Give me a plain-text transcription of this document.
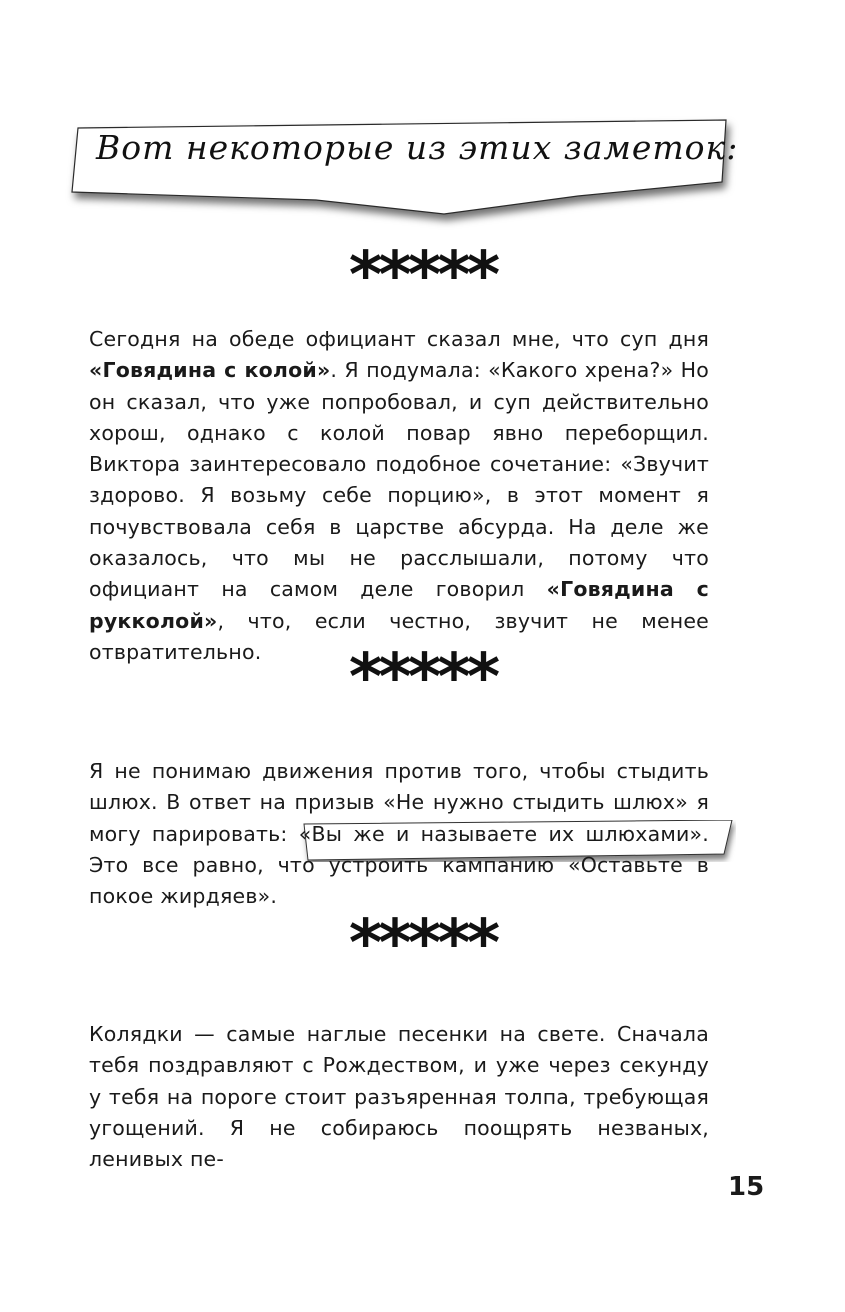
Вот некоторые из этих заметок:
*****
Сегодня на обеде официант сказал мне, что суп дня «Говядина с колой». Я подумала: «Какого хрена?» Но он сказал, что уже попробовал, и суп действительно хорош, однако с колой повар явно переборщил. Виктора заинтересовало подобное сочетание: «Звучит здорово. Я возьму себе порцию», в этот момент я почувствовала себя в царстве абсурда. На деле же оказалось, что мы не расслышали, потому что официант на самом деле говорил «Говядина с рукколой», что, если честно, звучит не менее отвратительно.	*****
Я не понимаю движения против того, чтобы стыдить шлюх. В ответ на призыв «Не нужно стыдить шлюх» я могу парировать: «Вы же и называете их шлюхами». Это все равно, что устроить кампанию «Оставьте в покое жирдяев».
*****
Колядки — самые наглые песенки на свете. Сначала тебя поздравляют с Рождеством, и уже через секунду у тебя на пороге стоит разъяренная толпа, требующая угощений. Я не собираюсь поощрять незваных, ленивых пе-
15
